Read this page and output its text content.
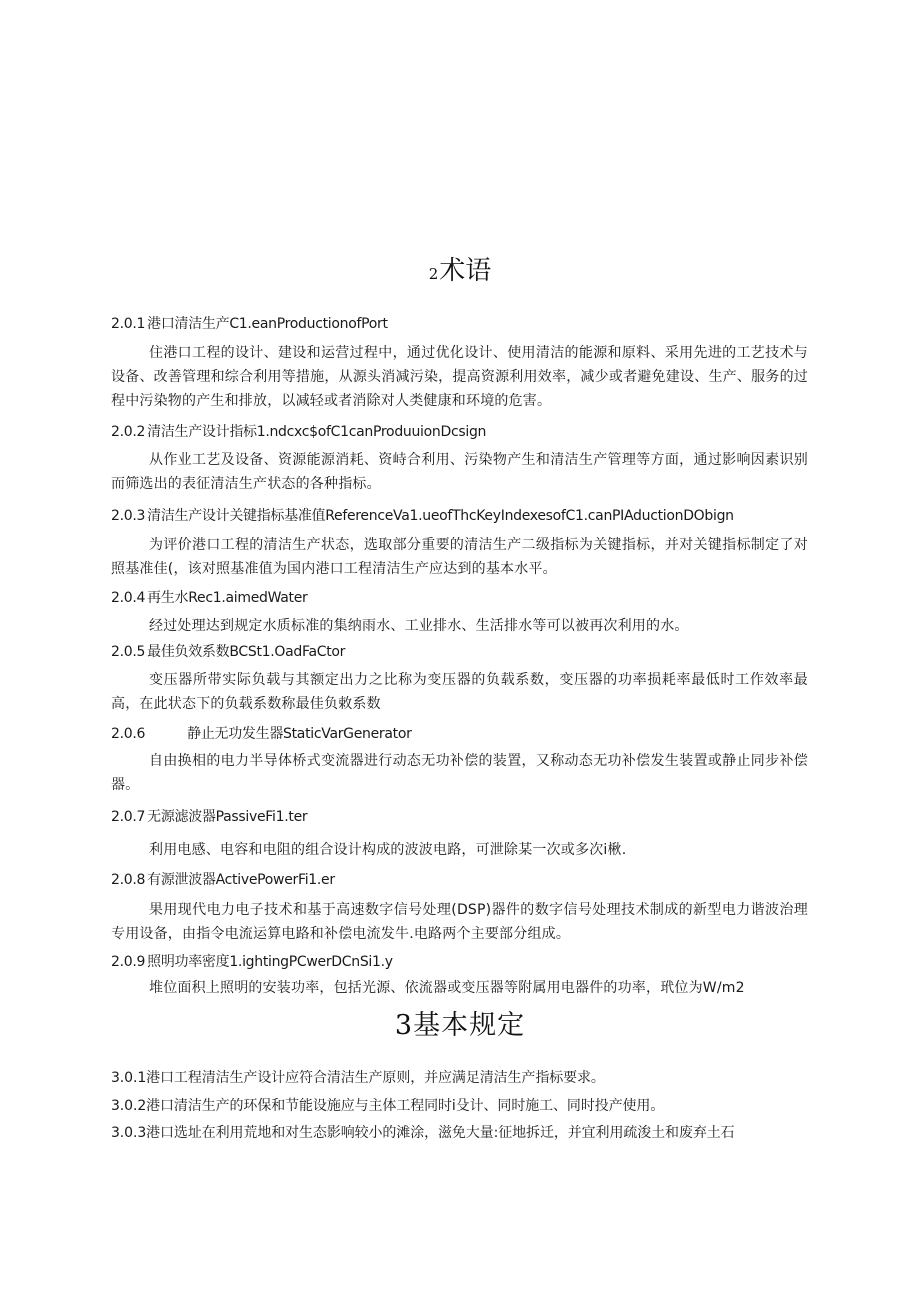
2术语

2.0.1 港口清洁生产C1.eanProductionofPort

住港口工程的设计、建设和运营过程中，通过优化设计、使用清洁的能源和原料、采用先进的工艺技术与设备、改善管理和综合利用等措施，从源头消减污染，提高资源利用效率，减少或者避免建设、生产、服务的过程中污染物的产生和排放，以减轻或者消除对人类健康和环境的危害。

2.0.2 清洁生产设计指标1.ndcxc$ofC1canProduuionDcsign

从作业工艺及设备、资源能源消耗、资峙合利用、污染物产生和清洁生产管理等方面，通过影响因素识别而筛选出的表征清洁生产状态的各种指标。

2.0.3 清洁生产设计关键指标基准值ReferenceVa1.ueofThcKeyIndexesofC1.canPIAductionDObign

为评价港口工程的清洁生产状态，选取部分重要的清洁生产二级指标为关键指标，并对关键指标制定了对照基准佳(，该对照基准值为国内港口工程清洁生产应达到的基本水平。

2.0.4 再生水Rec1.aimedWater

经过处理达到规定水质标准的集纳雨水、工业排水、生活排水等可以被再次利用的水。

2.0.5 最佳负效系数BCSt1.OadFaCtor

变压器所带实际负载与其额定出力之比称为变压器的负载系数，变压器的功率损耗率最低时工作效率最高，在此状态下的负载系数称最佳负敕系数

2.0.6	静止无功发生器StaticVarGenerator

自由换相的电力半导体桥式变流器进行动态无功补偿的装置，又称动态无功补偿发生装置或静止同步补偿器。

2.0.7 无源滤波器PassiveFi1.ter

利用电感、电容和电阻的组合设计构成的波波电路，可泄除某一次或多次i楸.

2.0.8 有源泄波器ActivePowerFi1.er

果用现代电力电子技术和基于高速数字信号处理(DSP)器件的数字信号处理技术制成的新型电力谐波治理专用设备，由指令电流运算电路和补偿电流发牛.电路两个主要部分组成。

2.0.9 照明功率密度1.ightingPCwerDCnSi1.y

堆位面积上照明的安装功率，包括光源、依流器或变压器等附属用电器件的功率，玳位为W/m2

3基本规定

3.0.1港口工程清洁生产设计应符合清洁生产原则，并应满足清洁生产指标要求。

3.0.2港口清洁生产的环保和节能设施应与主体工程同时i殳计、同时施工、同时投产使用。

3.0.3港口选址在利用荒地和对生态影响较小的滩涂，滋免大量:征地拆迁，并宜利用疏浚土和废弃土石
